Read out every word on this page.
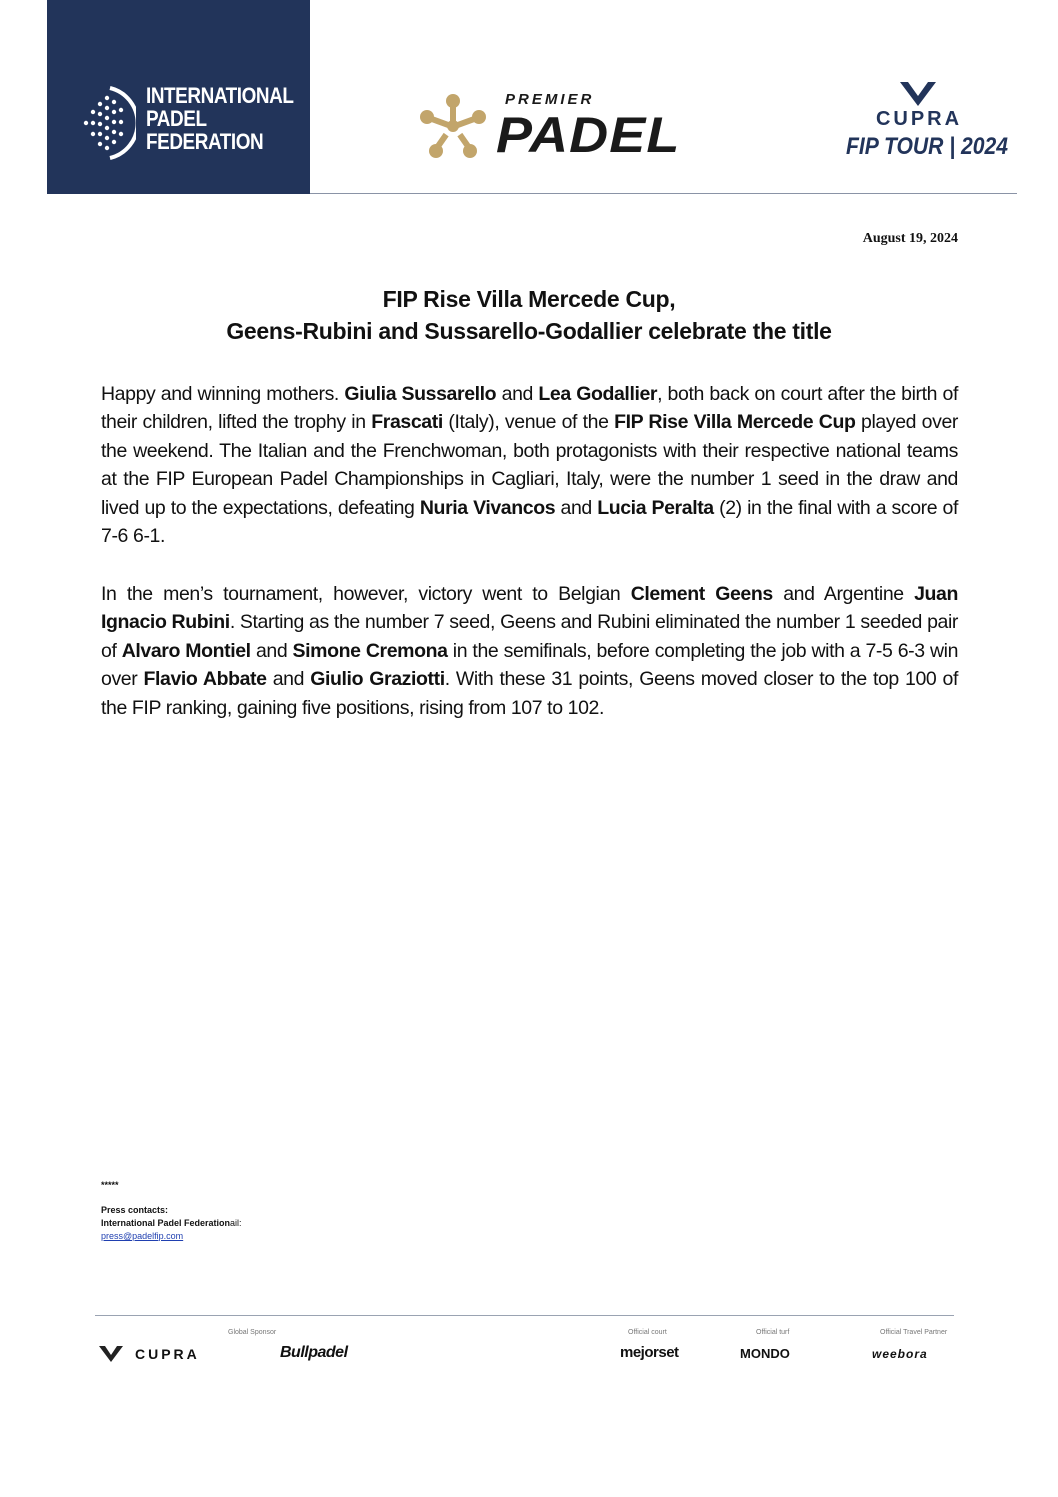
INTERNATIONAL
PADEL
FEDERATION
PREMIER
PADEL	CUPRA
FIP TOUR | 2024
August 19, 2024
FIP Rise Villa Mercede Cup,
Geens-Rubini and Sussarello-Godallier celebrate the title

Happy and winning mothers. Giulia Sussarello and Lea Godallier, both back on court after the birth of their children, lifted the trophy in Frascati (Italy), venue of the FIP Rise Villa Mercede Cup played over the weekend. The Italian and the Frenchwoman, both protagonists with their respective national teams at the FIP European Padel Championships in Cagliari, Italy, were the number 1 seed in the draw and lived up to the expectations, defeating Nuria Vivancos and Lucia Peralta (2) in the final with a score of 7-6 6-1.

In the men’s tournament, however, victory went to Belgian Clement Geens and Argentine Juan Ignacio Rubini. Starting as the number 7 seed, Geens and Rubini eliminated the number 1 seeded pair of Alvaro Montiel and Simone Cremona in the semifinals, before completing the job with a 7-5 6-3 win over Flavio Abbate and Giulio Graziotti. With these 31 points, Geens moved closer to the top 100 of the FIP ranking, gaining five positions, rising from 107 to 102.

*****
Press contacts:
International Padel Federationail:
press@padelfip.com
Global Sponsor	Official court	Official turf	Official Travel Partner
CUPRA	Bullpadel	mejorset	MONDO	weebora
